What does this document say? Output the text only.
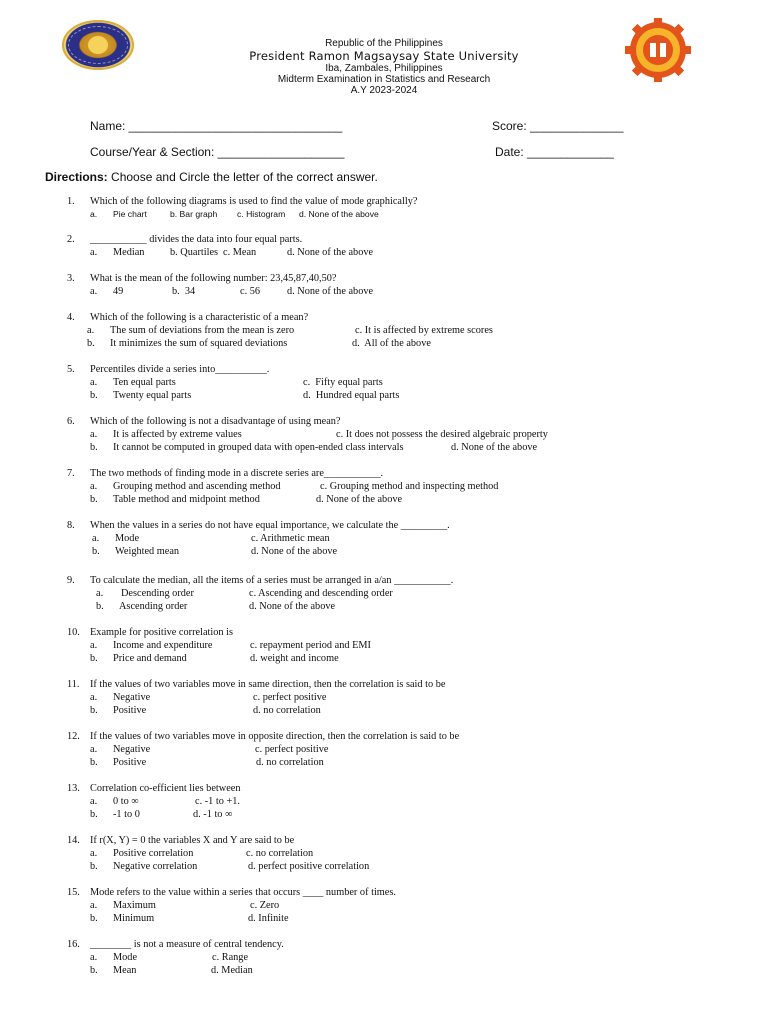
Republic of the Philippines
President Ramon Magsaysay State University
Iba, Zambales, Philippines
Midterm Examination in Statistics and Research
A.Y 2023-2024
Name: ________________________________	Score: ______________
Course/Year & Section: ___________________	Date: _____________
Directions: Choose and Circle the letter of the correct answer.
1. Which of the following diagrams is used to find the value of mode graphically?
a. Pie chart	b. Bar graph c. Histogram d. None of the above
2. ___________ divides the data into four equal parts.
a. Median b. Quartiles c. Mean	d. None of the above
3. What is the mean of the following number: 23,45,87,40,50?
a. 49	b.  34	c. 56	d. None of the above
4. Which of the following is a characteristic of a mean?
a. The sum of deviations from the mean is zero	c. It is affected by extreme scores
b. It minimizes the sum of squared deviations	d.  All of the above
5. Percentiles divide a series into__________.
a. Ten equal parts	c.  Fifty equal parts
b. Twenty equal parts	d.  Hundred equal parts
6. Which of the following is not a disadvantage of using mean?
a. It is affected by extreme values	c. It does not possess the desired algebraic property
b. It cannot be computed in grouped data with open-ended class intervals	d. None of the above
7. The two methods of finding mode in a discrete series are___________.
a. Grouping method and ascending method	c. Grouping method and inspecting method
b. Table method and midpoint method	d. None of the above
8. When the values in a series do not have equal importance, we calculate the _________.
a. Mode	c. Arithmetic mean
b. Weighted mean	d. None of the above
9. To calculate the median, all the items of a series must be arranged in a/an ___________.
a. Descending order	c. Ascending and descending order
b. Ascending order	d. None of the above
10. Example for positive correlation is
a. Income and expenditure	c. repayment period and EMI
b. Price and demand	d. weight and income
11. If the values of two variables move in same direction, then the correlation is said to be
a. Negative	c. perfect positive
b. Positive	d. no correlation
12. If the values of two variables move in opposite direction, then the correlation is said to be
a. Negative	c. perfect positive
b. Positive	d. no correlation
13. Correlation co-efficient lies between
a. 0 to ∞	c. -1 to +1.
b. -1 to 0	d. -1 to ∞
14. If r(X, Y) = 0 the variables X and Y are said to be
a. Positive correlation	c. no correlation
b. Negative correlation	d. perfect positive correlation
15. Mode refers to the value within a series that occurs ____ number of times.
a. Maximum	c. Zero
b. Minimum	d. Infinite
16. ________ is not a measure of central tendency.
a. Mode	c. Range
b. Mean	d. Median
